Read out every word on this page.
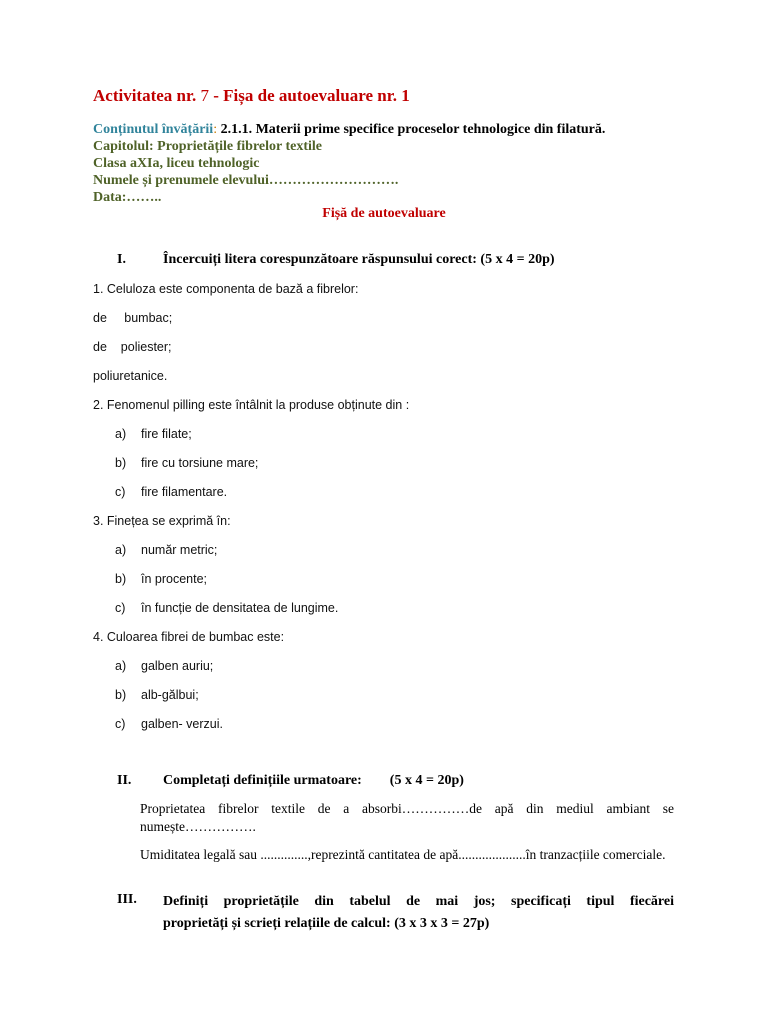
Activitatea nr. 7 - Fișa de autoevaluare nr. 1
Conținutul învățării: 2.1.1. Materii prime specifice proceselor tehnologice din filatură.
Capitolul: Proprietățile fibrelor textile
Clasa aXIa, liceu tehnologic
Numele și prenumele elevului……………………….
Data:……..
Fișă de autoevaluare
I.	Încercuiți litera corespunzătoare răspunsului corect: (5 x 4 = 20p)
1. Celuloza este componenta de bază a fibrelor:
de     bumbac;
de    poliester;
poliuretanice.
2. Fenomenul pilling este întâlnit la produse obținute din :
a) fire filate;
b) fire cu torsiune mare;
c) fire filamentare.
3. Finețea se exprimă în:
a) număr metric;
b) în procente;
c) în funcție de densitatea de lungime.
4. Culoarea fibrei de bumbac este:
a) galben auriu;
b) alb-gălbui;
c) galben- verzui.

II.

Completați definițiile urmatoare:        (5 x 4 = 20p)

Proprietatea fibrelor textile de a absorbi……………de apă din mediul ambiant se numește…………….
Umiditatea legală sau ..............,reprezintă cantitatea de apă....................în tranzacțiile comerciale.
III. Definiți proprietățile din tabelul de mai jos; specificați tipul fiecărei
proprietăți și scrieți relațiile de calcul: (3 x 3 x 3 = 27p)
